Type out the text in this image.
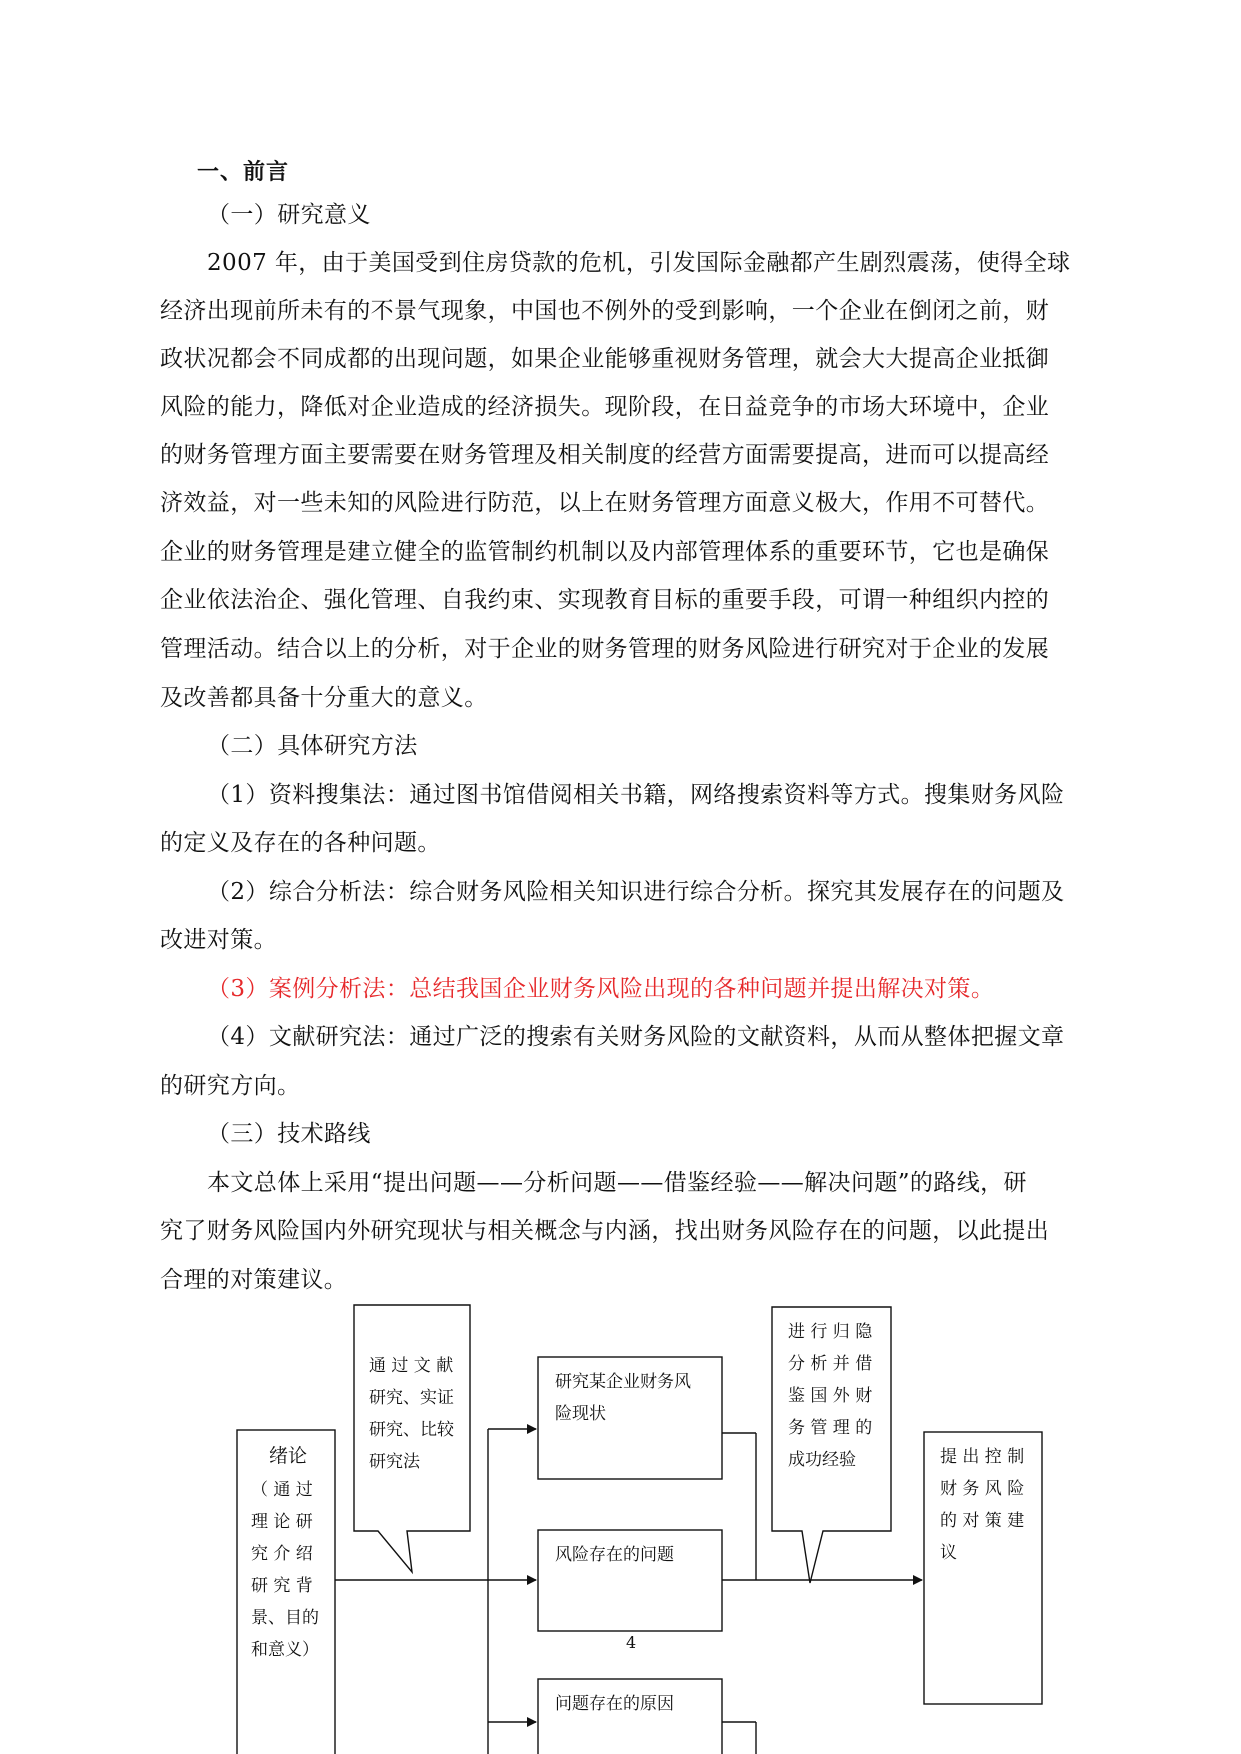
一、前言
（一）研究意义
2007 年，由于美国受到住房贷款的危机，引发国际金融都产生剧烈震荡，使得全球
经济出现前所未有的不景气现象，中国也不例外的受到影响，一个企业在倒闭之前，财
政状况都会不同成都的出现问题，如果企业能够重视财务管理，就会大大提高企业抵御
风险的能力，降低对企业造成的经济损失。现阶段，在日益竞争的市场大环境中，企业
的财务管理方面主要需要在财务管理及相关制度的经营方面需要提高，进而可以提高经
济效益，对一些未知的风险进行防范，以上在财务管理方面意义极大，作用不可替代。
企业的财务管理是建立健全的监管制约机制以及内部管理体系的重要环节，它也是确保
企业依法治企、强化管理、自我约束、实现教育目标的重要手段，可谓一种组织内控的
管理活动。结合以上的分析，对于企业的财务管理的财务风险进行研究对于企业的发展
及改善都具备十分重大的意义。
（二）具体研究方法
（1）资料搜集法：通过图书馆借阅相关书籍，网络搜索资料等方式。搜集财务风险
的定义及存在的各种问题。
（2）综合分析法：综合财务风险相关知识进行综合分析。探究其发展存在的问题及
改进对策。
（3）案例分析法：总结我国企业财务风险出现的各种问题并提出解决对策。
（4）文献研究法：通过广泛的搜索有关财务风险的文献资料，从而从整体把握文章
的研究方向。
（三）技术路线
本文总体上采用“提出问题——分析问题——借鉴经验——解决问题”的路线，研
究了财务风险国内外研究现状与相关概念与内涵，找出财务风险存在的问题，以此提出
合理的对策建议。
绪论
（ 通 过
理 论 研
究 介 绍
研 究 背
景、目的
和意义）
通 过 文 献
研究、实证
研究、比较
研究法
研究某企业财务风
险现状
风险存在的问题
问题存在的原因
进 行 归 隐
分 析 并 借
鉴 国 外 财
务 管 理 的
成功经验	提 出 控 制
财 务 风 险
的 对 策 建
议
4
